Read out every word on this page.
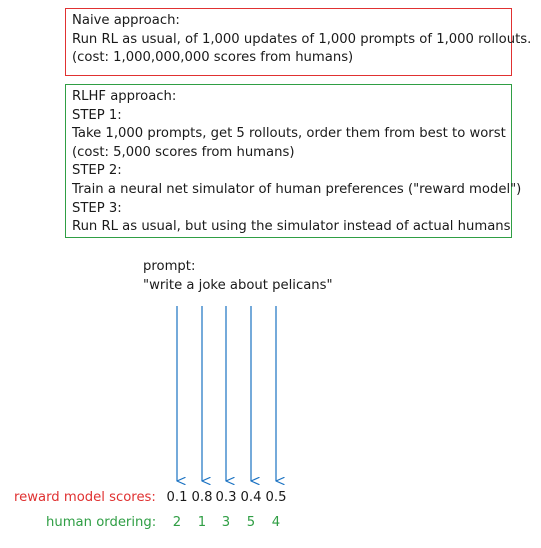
Naive approach:
Run RL as usual, of 1,000 updates of 1,000 prompts of 1,000 rollouts.
(cost: 1,000,000,000 scores from humans)
RLHF approach:
STEP 1:
Take 1,000 prompts, get 5 rollouts, order them from best to worst
(cost: 5,000 scores from humans)
STEP 2:
Train a neural net simulator of human preferences ("reward model")
STEP 3:
Run RL as usual, but using the simulator instead of actual humans
prompt:
"write a joke about pelicans"
reward model scores:
human ordering:
0.1 0.8 0.3 0.4 0.5
2 1 3 5 4
